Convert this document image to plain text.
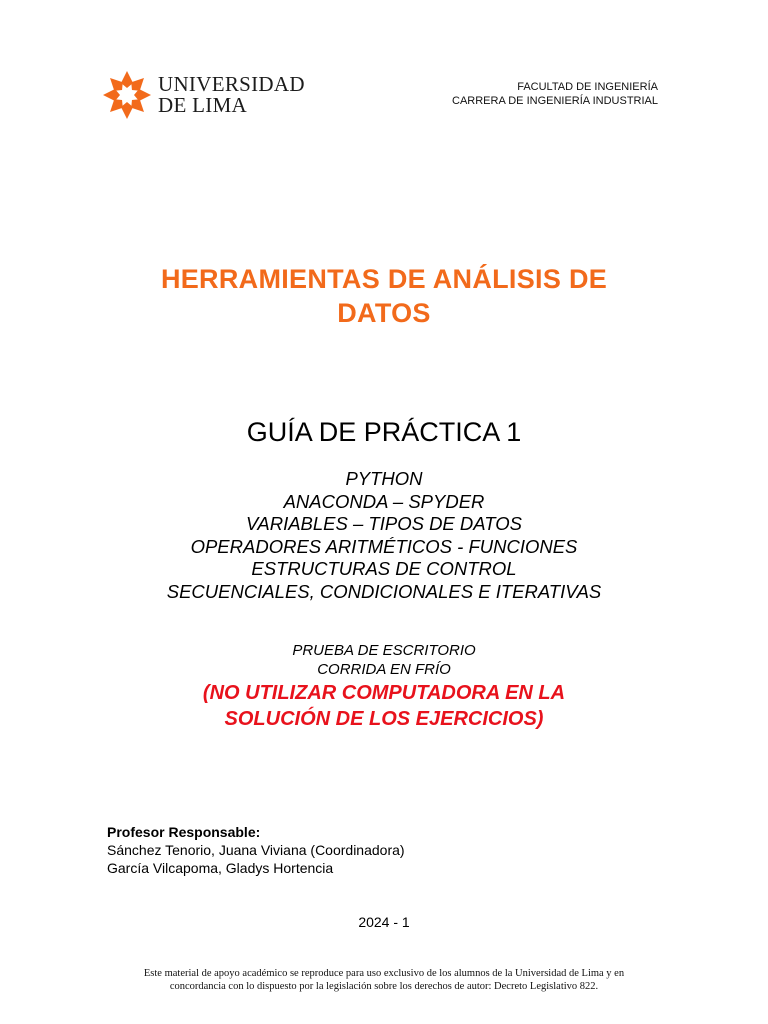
UNIVERSIDAD
DE LIMA
FACULTAD DE INGENIERÍA
CARRERA DE INGENIERÍA INDUSTRIAL
HERRAMIENTAS DE ANÁLISIS DE
DATOS
GUÍA DE PRÁCTICA 1
PYTHON
ANACONDA – SPYDER
VARIABLES – TIPOS DE DATOS
OPERADORES ARITMÉTICOS - FUNCIONES
ESTRUCTURAS DE CONTROL
SECUENCIALES, CONDICIONALES E ITERATIVAS
PRUEBA DE ESCRITORIO
CORRIDA EN FRÍO
(NO UTILIZAR COMPUTADORA EN LA
SOLUCIÓN DE LOS EJERCICIOS)
Profesor Responsable:
Sánchez Tenorio, Juana Viviana (Coordinadora)
García Vilcapoma, Gladys Hortencia
2024 - 1
Este material de apoyo académico se reproduce para uso exclusivo de los alumnos de la Universidad de Lima y en
concordancia con lo dispuesto por la legislación sobre los derechos de autor: Decreto Legislativo 822.
